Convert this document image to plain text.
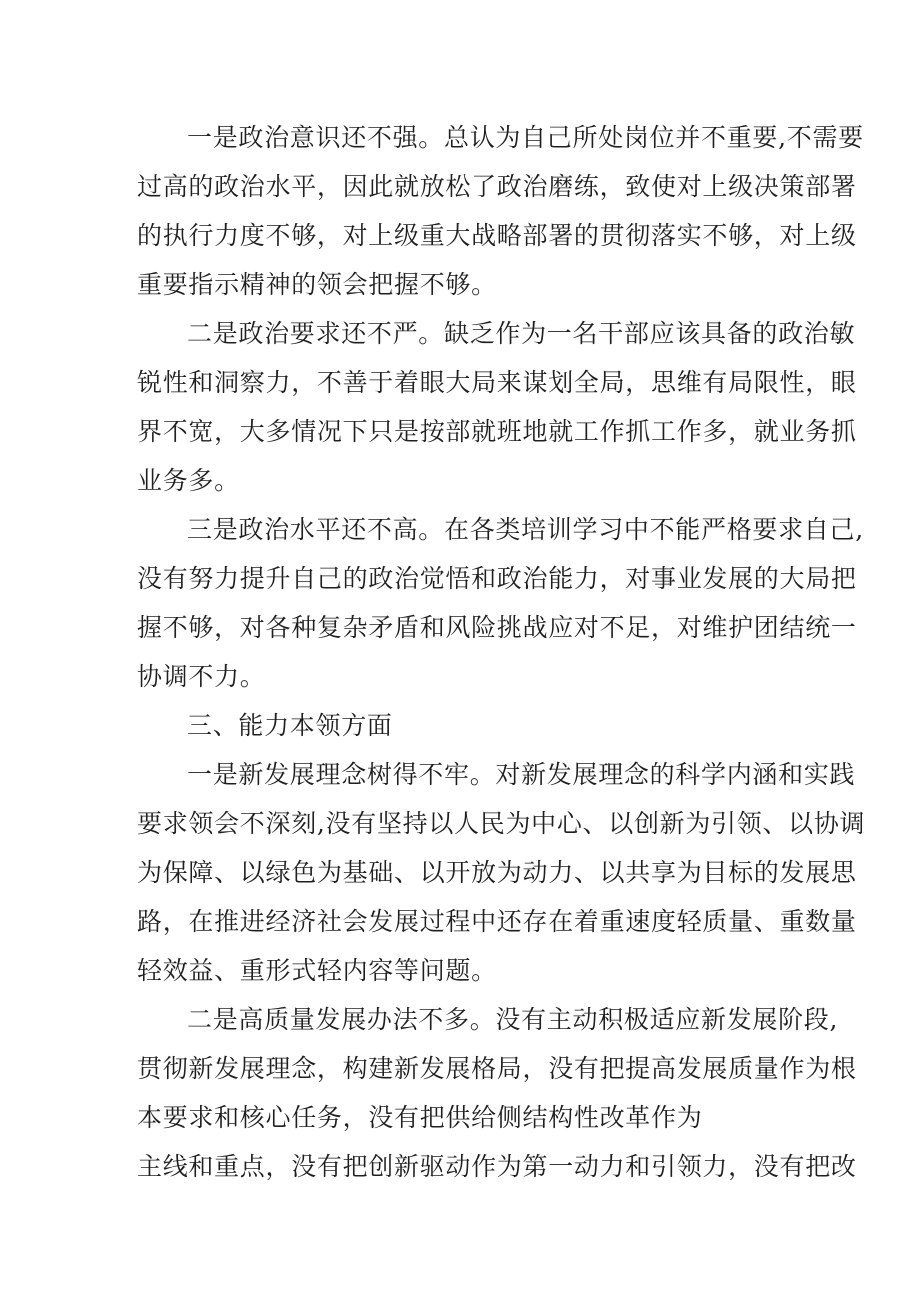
一是政治意识还不强。总认为自己所处岗位并不重要,不需要
过高的政治水平，因此就放松了政治磨练，致使对上级决策部署
的执行力度不够，对上级重大战略部署的贯彻落实不够，对上级
重要指示精神的领会把握不够。
二是政治要求还不严。缺乏作为一名干部应该具备的政治敏
锐性和洞察力，不善于着眼大局来谋划全局，思维有局限性，眼
界不宽，大多情况下只是按部就班地就工作抓工作多，就业务抓
业务多。
三是政治水平还不高。在各类培训学习中不能严格要求自己,
没有努力提升自己的政治觉悟和政治能力，对事业发展的大局把
握不够，对各种复杂矛盾和风险挑战应对不足，对维护团结统一
协调不力。
三、能力本领方面
一是新发展理念树得不牢。对新发展理念的科学内涵和实践
要求领会不深刻,没有坚持以人民为中心、以创新为引领、以协调
为保障、以绿色为基础、以开放为动力、以共享为目标的发展思
路，在推进经济社会发展过程中还存在着重速度轻质量、重数量
轻效益、重形式轻内容等问题。
二是高质量发展办法不多。没有主动积极适应新发展阶段,
贯彻新发展理念，构建新发展格局，没有把提高发展质量作为根
本要求和核心任务，没有把供给侧结构性改革作为
主线和重点，没有把创新驱动作为第一动力和引领力，没有把改
